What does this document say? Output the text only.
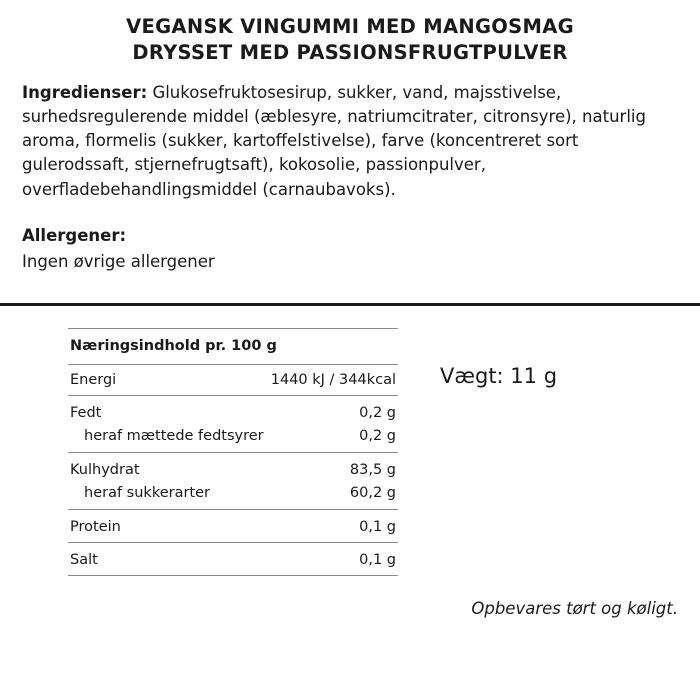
VEGANSK VINGUMMI MED MANGOSMAG
DRYSSET MED PASSIONSFRUGTPULVER

Ingredienser: Glukosefruktosesirup, sukker, vand, majsstivelse, surhedsregulerende middel (æblesyre, natriumcitrater, citronsyre), naturlig aroma, flormelis (sukker, kartoffelstivelse), farve (koncentreret sort gulerodssaft, stjernefrugtsaft), kokosolie, passionpulver, overfladebehandlingsmiddel (carnaubavoks).

Allergener:
Ingen øvrige allergener
Næringsindhold pr. 100 g	
Energi	1440 kJ / 344kcal
Fedt	0,2 g
heraf mættede fedtsyrer	0,2 g
Kulhydrat	83,5 g
heraf sukkerarter	60,2 g
Protein	0,1 g
Salt	0,1 g

Vægt: 11 g
Opbevares tørt og køligt.
